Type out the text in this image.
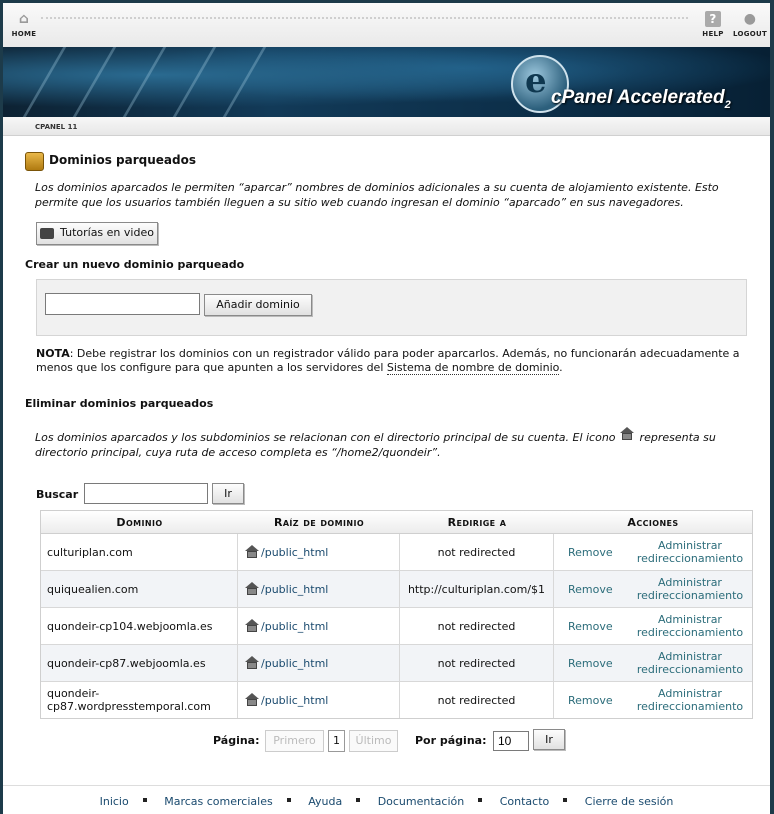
⌂
HOME
?
HELP
●
LOGOUT
e cPanel Accelerated$_2$
CPANEL 11
Dominios parqueados
Los dominios aparcados le permiten “aparcar” nombres de dominios adicionales a su cuenta de alojamiento existente. Esto permite que los usuarios también lleguen a su sitio web cuando ingresan el dominio “aparcado” en sus navegadores.
Tutorías en video
Crear un nuevo dominio parqueado
Añadir dominio
NOTA: Debe registrar los dominios con un registrador válido para poder aparcarlos. Además, no funcionarán adecuadamente a menos que los configure para que apunten a los servidores del Sistema de nombre de dominio.
Eliminar dominios parqueados
Los dominios aparcados y los subdominios se relacionan con el directorio principal de su cuenta. El icono representa su directorio principal, cuya ruta de acceso completa es “/home2/quondeir”.
Buscar	Ir
Dominio	Raíz de dominio	Redirige a	Acciones
culturiplan.com	/public_html	not redirected	Remove	Administrar redireccionamiento
quiquealien.com	/public_html	http://culturiplan.com/$1	Remove	Administrar redireccionamiento
quondeir-cp104.webjoomla.es	/public_html	not redirected	Remove	Administrar redireccionamiento
quondeir-cp87.webjoomla.es	/public_html	not redirected	Remove	Administrar redireccionamiento
quondeir-cp87.wordpresstemporal.com	/public_html	not redirected	Remove	Administrar redireccionamiento
Página:	Primero	1	Último	Por página:
10	Ir
Inicio	Marcas comerciales	Ayuda	Documentación	Contacto	Cierre de sesión
